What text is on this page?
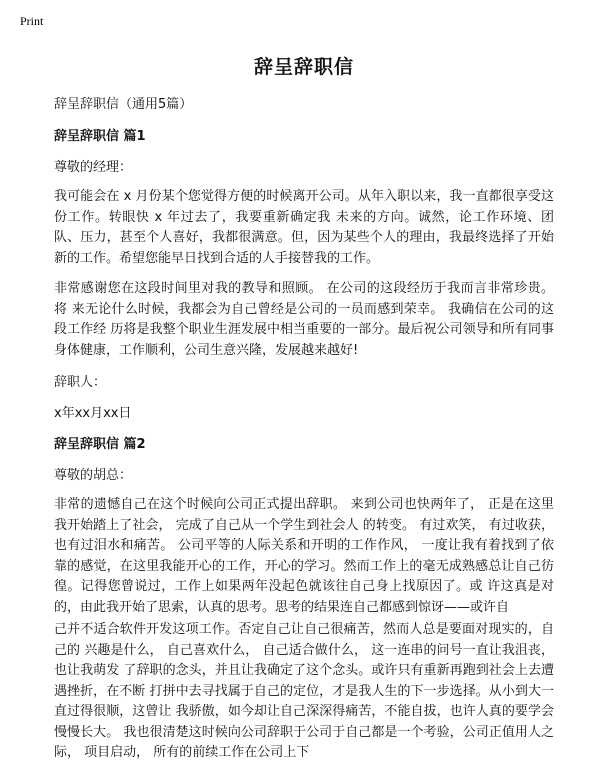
Print
辞呈辞职信
辞呈辞职信（通用5篇）
辞呈辞职信 篇1
尊敬的经理：
我可能会在 x 月份某个您觉得方便的时候离开公司。从年入职以来，我一直都很享受这份工作。转眼快 x 年过去了，我要重新确定我 未来的方向。诚然，论工作环境、团队、压力，甚至个人喜好，我都很满意。但，因为某些个人的理由，我最终选择了开始新的工作。希望您能早日找到合适的人手接替我的工作。
非常感谢您在这段时间里对我的教导和照顾。 在公司的这段经历于我而言非常珍贵。 将 来无论什么时候，我都会为自己曾经是公司的一员而感到荣幸。 我确信在公司的这段工作经 历将是我整个职业生涯发展中相当重要的一部分。最后祝公司领导和所有同事身体健康，工作顺利，公司生意兴隆，发展越来越好!
辞职人：
x年xx月xx日
辞呈辞职信 篇2
尊敬的胡总：
非常的遗憾自己在这个时候向公司正式提出辞职。 来到公司也快两年了， 正是在这里我开始踏上了社会， 完成了自己从一个学生到社会人 的转变。 有过欢笑， 有过收获， 也有过泪水和痛苦。 公司平等的人际关系和开明的工作作风， 一度让我有着找到了依靠的感觉，在这里我能开心的工作，开心的学习。然而工作上的毫无成熟感总让自己彷徨。记得您曾说过，工作上如果两年没起色就该往自己身上找原因了。或 许这真是对的，由此我开始了思索，认真的思考。思考的结果连自己都感到惊讶——或许自
己并不适合软件开发这项工作。否定自己让自己很痛苦，然而人总是要面对现实的，自己的 兴趣是什么， 自己喜欢什么， 自己适合做什么， 这一连串的问号一直让我沮丧，也让我萌发 了辞职的念头，并且让我确定了这个念头。或许只有重新再跑到社会上去遭遇挫折，在不断 打拼中去寻找属于自己的定位，才是我人生的下一步选择。从小到大一直过得很顺，这曾让 我骄傲，如今却让自己深深得痛苦，不能自拔，也许人真的要学会慢慢长大。 我也很清楚这时候向公司辞职于公司于自己都是一个考验，公司正值用人之际， 项目启动， 所有的前续工作在公司上下
